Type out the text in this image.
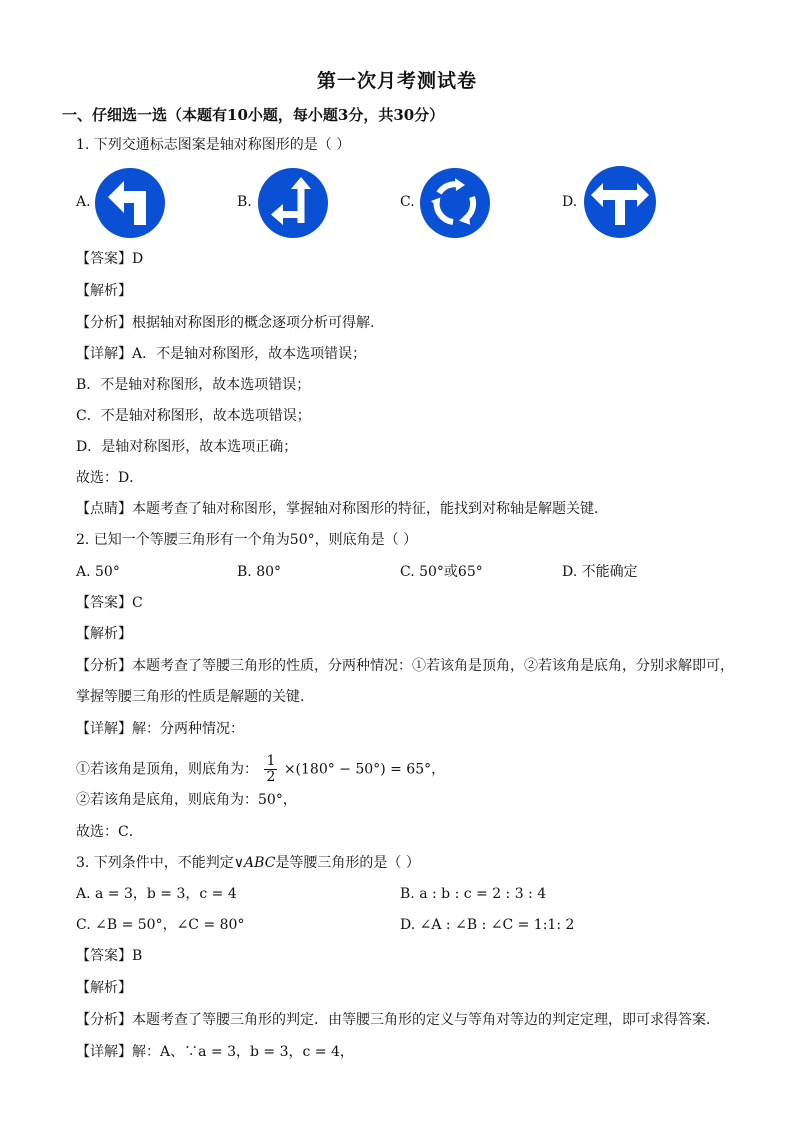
第一次月考测试卷
一、仔细选一选（本题有10小题，每小题3分，共30分）
1. 下列交通标志图案是轴对称图形的是（ ）
A.	B.	C.	D.
【答案】D
【解析】
【分析】根据轴对称图形的概念逐项分析可得解.
【详解】A．不是轴对称图形，故本选项错误；
B．不是轴对称图形，故本选项错误；
C．不是轴对称图形，故本选项错误；
D．是轴对称图形，故本选项正确；
故选：D．
【点睛】本题考查了轴对称图形，掌握轴对称图形的特征，能找到对称轴是解题关键.
2. 已知一个等腰三角形有一个角为50°，则底角是（ ）
A. 50°	B. 80°	C. 50°或65°	D. 不能确定
【答案】C
【解析】
【分析】本题考查了等腰三角形的性质，分两种情况：①若该角是顶角，②若该角是底角，分别求解即可，
掌握等腰三角形的性质是解题的关键．
【详解】解：分两种情况：
①若该角是顶角，则底角为： $\frac{1}{2} \times(180^\circ - 50^\circ) = 65^\circ$，
②若该角是底角，则底角为：50°，
故选：C．
3. 下列条件中，不能判定∨ABC是等腰三角形的是（ ）
A. a = 3，b = 3，c = 4	B. a : b : c = 2 : 3 : 4
C. ∠B = 50°，∠C = 80°	D. ∠A : ∠B : ∠C = 1:1: 2
【答案】B
【解析】
【分析】本题考查了等腰三角形的判定．由等腰三角形的定义与等角对等边的判定定理，即可求得答案．
【详解】解：A、∵a = 3，b = 3，c = 4，
